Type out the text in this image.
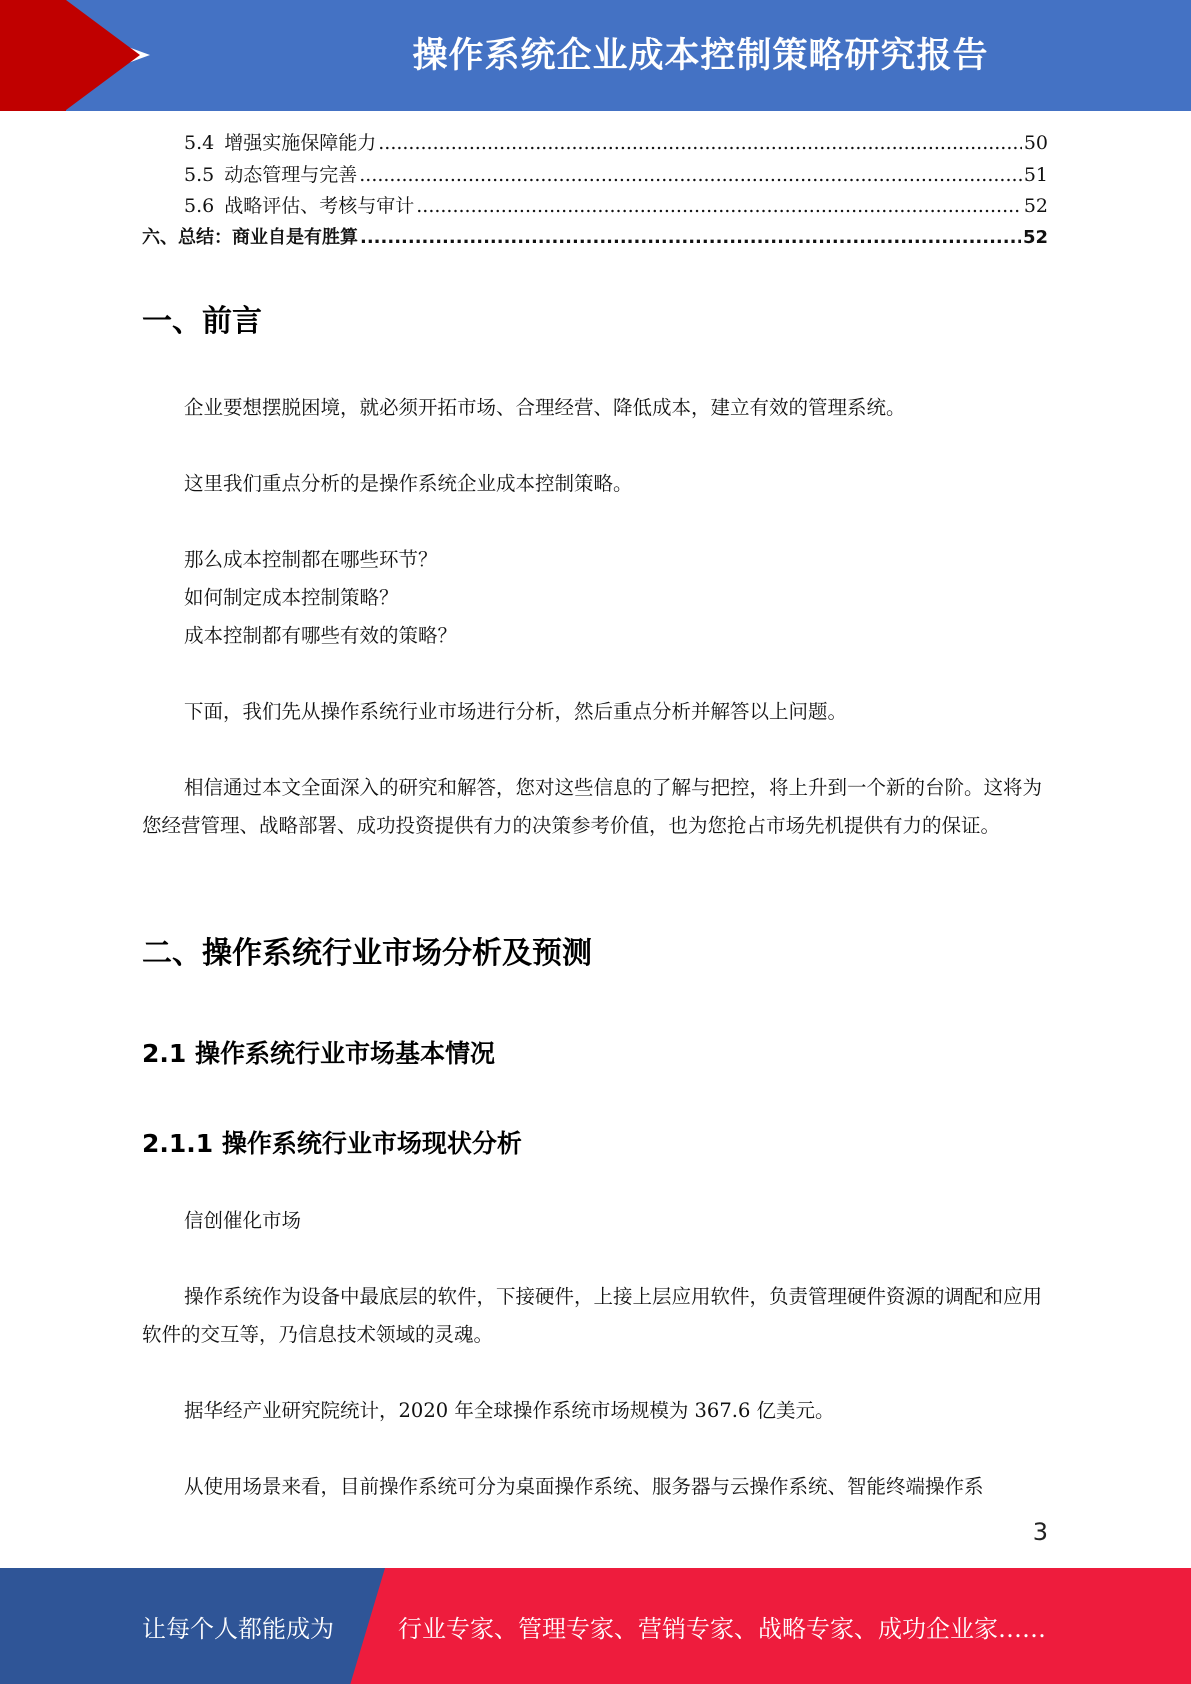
操作系统企业成本控制策略研究报告
5.4 增强实施保障能力 .....	50
5.5 动态管理与完善 .....	51
5.6 战略评估、考核与审计 .....	52
六、总结：商业自是有胜算 .....	52
一、前言
企业要想摆脱困境，就必须开拓市场、合理经营、降低成本，建立有效的管理系统。
这里我们重点分析的是操作系统企业成本控制策略。
那么成本控制都在哪些环节？
如何制定成本控制策略？
成本控制都有哪些有效的策略？
下面，我们先从操作系统行业市场进行分析，然后重点分析并解答以上问题。
相信通过本文全面深入的研究和解答，您对这些信息的了解与把控，将上升到一个新的台阶。这将为您经营管理、战略部署、成功投资提供有力的决策参考价值，也为您抢占市场先机提供有力的保证。
二、操作系统行业市场分析及预测
2.1 操作系统行业市场基本情况
2.1.1 操作系统行业市场现状分析
信创催化市场
操作系统作为设备中最底层的软件，下接硬件，上接上层应用软件，负责管理硬件资源的调配和应用软件的交互等，乃信息技术领域的灵魂。
据华经产业研究院统计，2020 年全球操作系统市场规模为 367.6 亿美元。
从使用场景来看，目前操作系统可分为桌面操作系统、服务器与云操作系统、智能终端操作系
3
让每个人都能成为	行业专家、管理专家、营销专家、战略专家、成功企业家……
